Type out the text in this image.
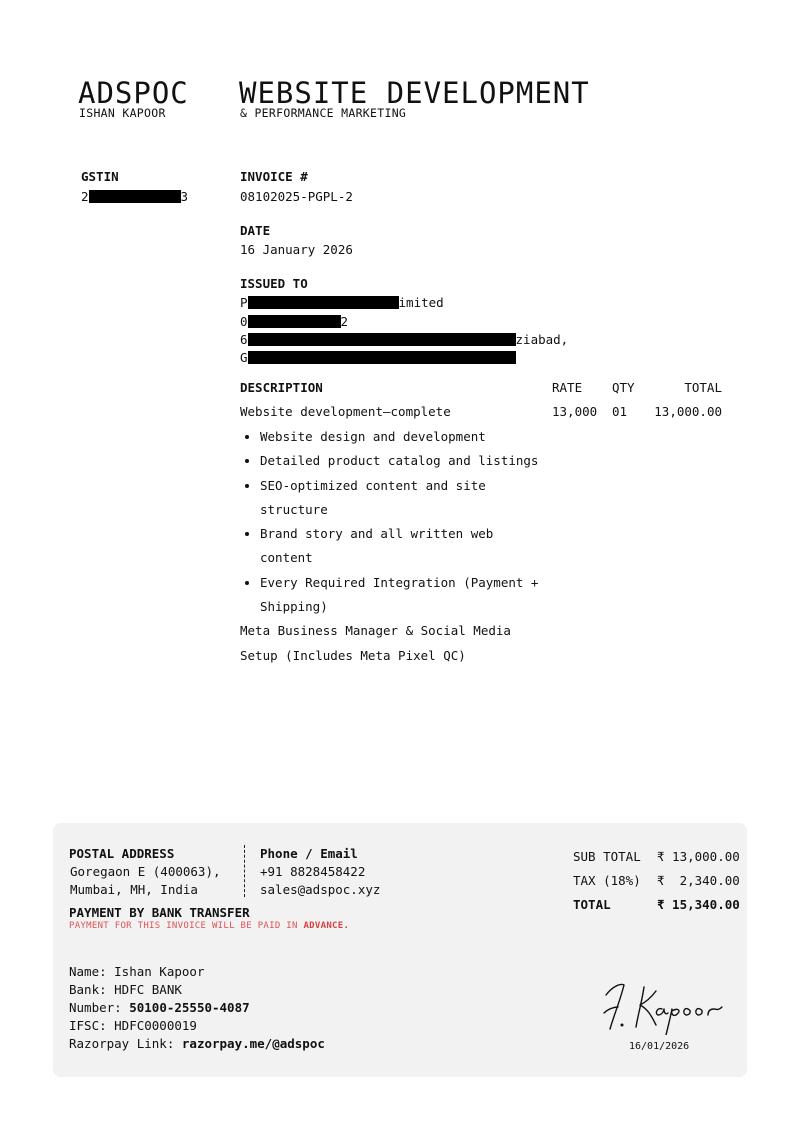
ADSPOC
ISHAN KAPOOR
WEBSITE DEVELOPMENT
& PERFORMANCE MARKETING
GSTIN
2	3
INVOICE #
08102025-PGPL-2
DATE
16 January 2026
ISSUED TO
P	imited
0	2
6	ziabad,
G
DESCRIPTION	RATE	QTY	TOTAL
Website development—complete	13,000	01	13,000.00
• Website design and development
• Detailed product catalog and listings
• SEO-optimized content and site structure
• Brand story and all written web content
• Every Required Integration (Payment + Shipping)
Meta Business Manager & Social Media Setup (Includes Meta Pixel QC)
POSTAL ADDRESS
Goregaon E (400063),
Mumbai, MH, India
Phone / Email
+91 8828458422
sales@adspoc.xyz
PAYMENT BY BANK TRANSFER
PAYMENT FOR THIS INVOICE WILL BE PAID IN ADVANCE.
Name: Ishan Kapoor
Bank: HDFC BANK
Number: 50100-25550-4087
IFSC: HDFC0000019
Razorpay Link: razorpay.me/@adspoc
SUB TOTAL	₹ 13,000.00
TAX (18%)	₹  2,340.00
TOTAL	₹ 15,340.00
16/01/2026
